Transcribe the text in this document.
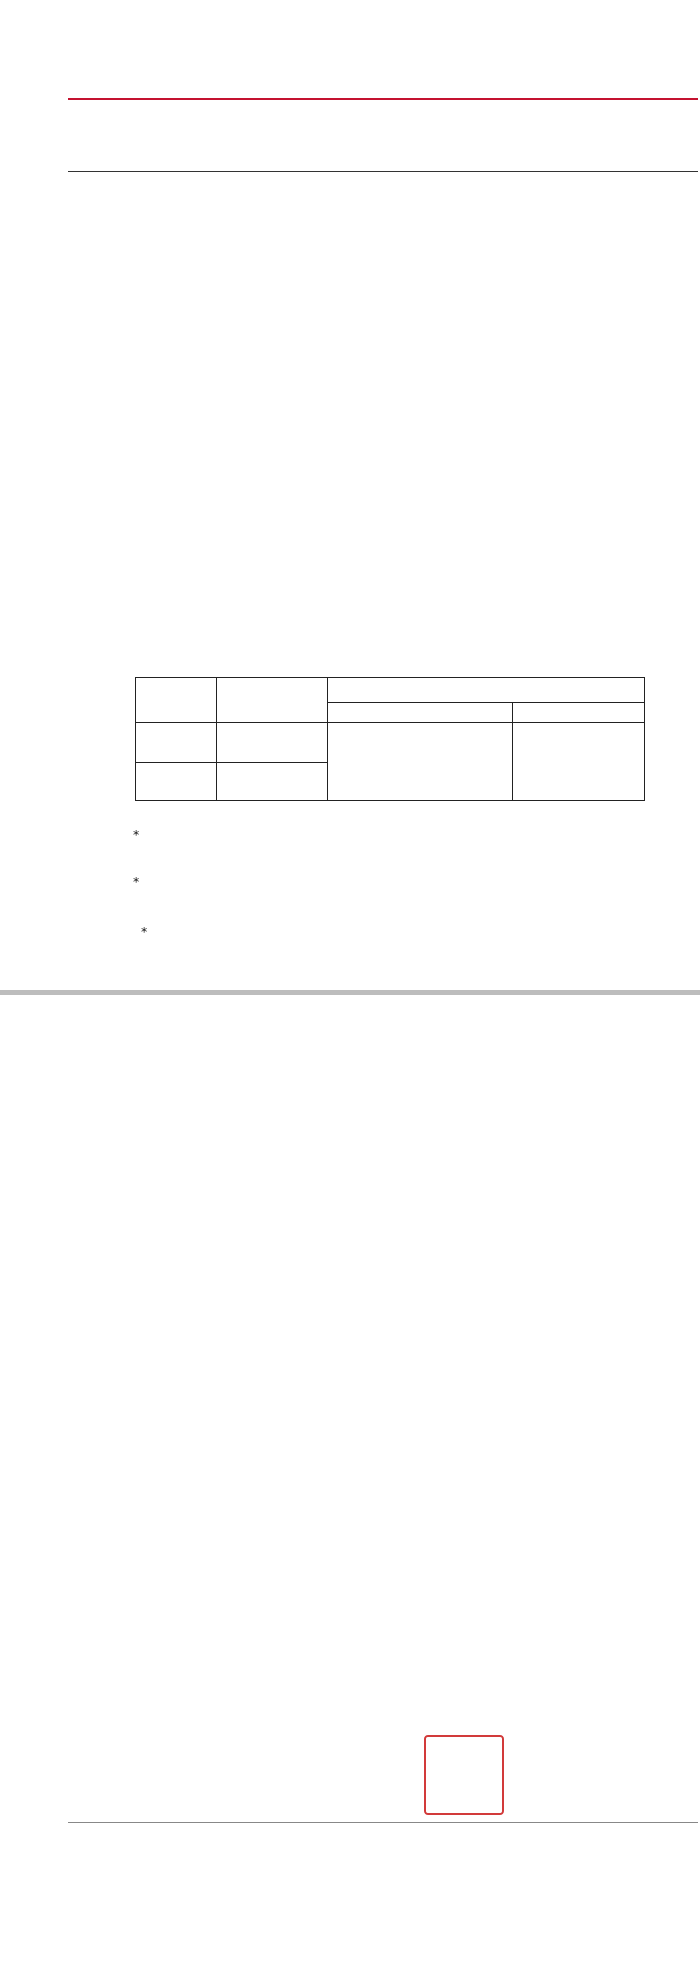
*
*

*
